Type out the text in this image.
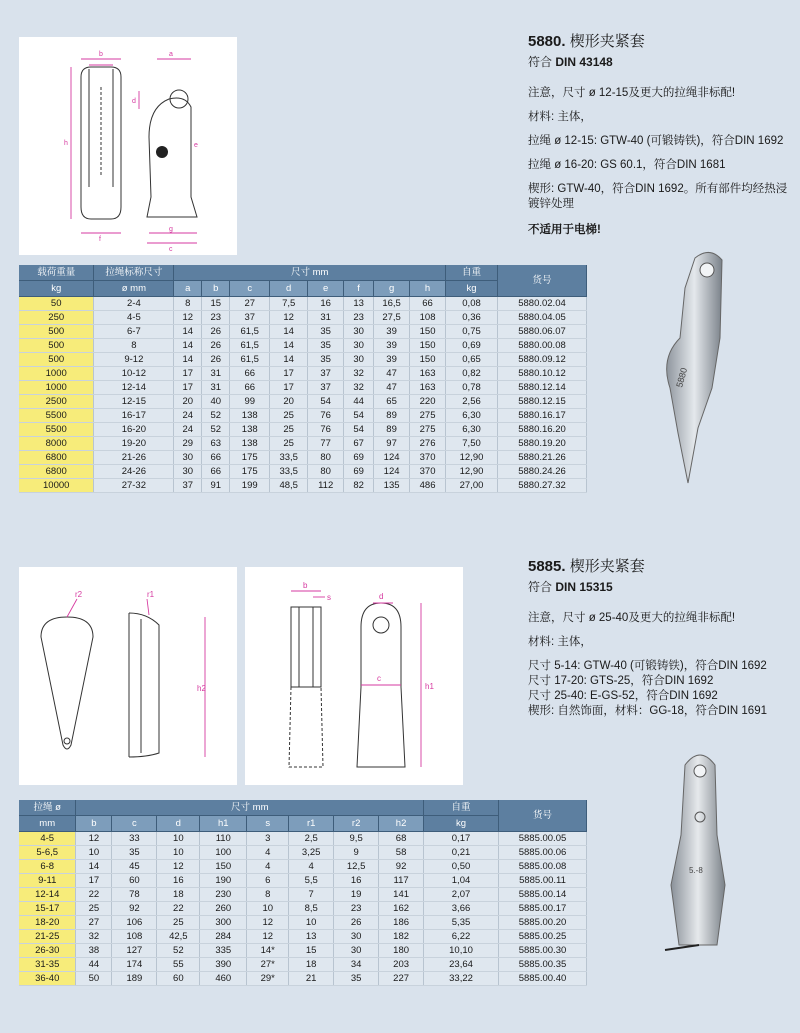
b	a
h
f
d
e
g
c
5880. 楔形夹紧套
符合 DIN 43148

注意，尺寸 ø 12-15及更大的拉绳非标配!

材料: 主体，

拉绳 ø 12-15: GTW-40 (可锻铸铁)，符合DIN 1692

拉绳 ø 16-20: GS 60.1，符合DIN 1681

楔形: GTW-40，符合DIN 1692。所有部件均经热浸镀锌处理

不适用于电梯!
5880
载荷重量	拉绳标称尺寸	尺寸 mm								自重	货号
kg	ø mm	a	b	c	d	e	f	g	h	kg	
50	2-4	8	15	27	7,5	16	13	16,5	66	0,08	5880.02.04
250	4-5	12	23	37	12	31	23	27,5	108	0,36	5880.04.05
500	6-7	14	26	61,5	14	35	30	39	150	0,75	5880.06.07
500	8	14	26	61,5	14	35	30	39	150	0,69	5880.00.08
500	9-12	14	26	61,5	14	35	30	39	150	0,65	5880.09.12
1000	10-12	17	31	66	17	37	32	47	163	0,82	5880.10.12
1000	12-14	17	31	66	17	37	32	47	163	0,78	5880.12.14
2500	12-15	20	40	99	20	54	44	65	220	2,56	5880.12.15
5500	16-17	24	52	138	25	76	54	89	275	6,30	5880.16.17
5500	16-20	24	52	138	25	76	54	89	275	6,30	5880.16.20
8000	19-20	29	63	138	25	77	67	97	276	7,50	5880.19.20
6800	21-26	30	66	175	33,5	80	69	124	370	12,90	5880.21.26
6800	24-26	30	66	175	33,5	80	69	124	370	12,90	5880.24.26
10000	27-32	37	91	199	48,5	112	82	135	486	27,00	5880.27.32
r2	r1
h2
b
s	d
c
h1
5885. 楔形夹紧套
符合 DIN 15315

注意，尺寸 ø 25-40及更大的拉绳非标配!

材料: 主体，

尺寸 5-14: GTW-40 (可锻铸铁)，符合DIN 1692

尺寸 17-20: GTS-25，符合DIN 1692

尺寸 25-40: E-GS-52，符合DIN 1692

楔形: 自然饰面，材料：GG-18，符合DIN 1691

5.-8
拉绳 ø	尺寸 mm								自重	货号
mm	b	c	d	h1	s	r1	r2	h2	kg	
4-5	12	33	10	110	3	2,5	9,5	68	0,17	5885.00.05
5-6,5	10	35	10	100	4	3,25	9	58	0,21	5885.00.06
6-8	14	45	12	150	4	4	12,5	92	0,50	5885.00.08
9-11	17	60	16	190	6	5,5	16	117	1,04	5885.00.11
12-14	22	78	18	230	8	7	19	141	2,07	5885.00.14
15-17	25	92	22	260	10	8,5	23	162	3,66	5885.00.17
18-20	27	106	25	300	12	10	26	186	5,35	5885.00.20
21-25	32	108	42,5	284	12	13	30	182	6,22	5885.00.25
26-30	38	127	52	335	14*	15	30	180	10,10	5885.00.30
31-35	44	174	55	390	27*	18	34	203	23,64	5885.00.35
36-40	50	189	60	460	29*	21	35	227	33,22	5885.00.40
